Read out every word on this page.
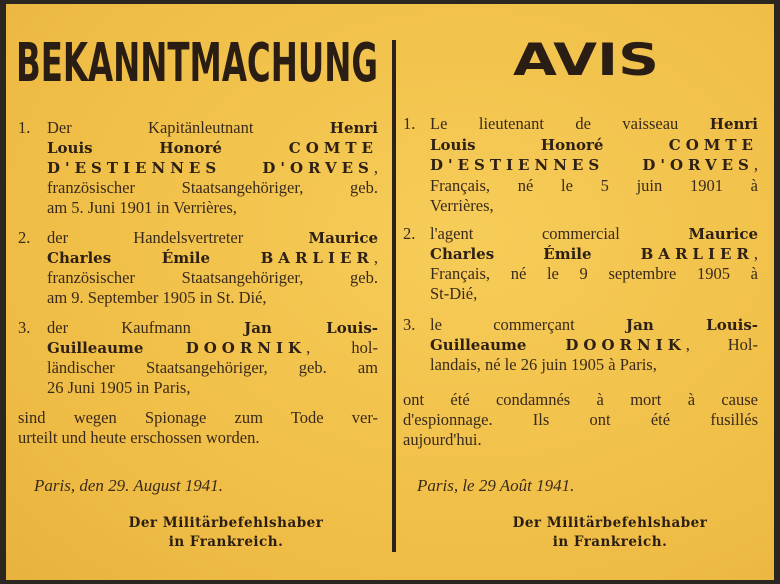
BEKANNTMACHUNG	AVIS
Paris, den 29. August 1941.	Paris, le 29 Août 1941.
Der Militärbefehlshaber
in Frankreich.
Der Militärbefehlshaber
in Frankreich.
1. Der Kapitänleutnant Henri
Louis Honoré COMTE
D'ESTIENNES D'ORVES,
französischer Staatsangehöriger, geb.
am 5. Juni 1901 in Verrières,
2. der Handelsvertreter Maurice
Charles Émile BARLIER,
französischer Staatsangehöriger, geb.
am 9. September 1905 in St. Dié,
3. der Kaufmann Jan Louis-
Guilleaume DOORNIK, hol-
ländischer Staatsangehöriger, geb. am
26 Juni 1905 in Paris,
sind wegen Spionage zum Tode ver-
urteilt und heute erschossen worden.
1. Le lieutenant de vaisseau Henri
Louis Honoré COMTE
D'ESTIENNES D'ORVES,
Français, né le 5 juin 1901 à
Verrières,
2. l'agent commercial Maurice
Charles Émile BARLIER,
Français, né le 9 septembre 1905 à
St-Dié,
3. le commerçant Jan Louis-
Guilleaume DOORNIK, Hol-
landais, né le 26 juin 1905 à Paris,
ont été condamnés à mort à cause
d'espionnage. Ils ont été fusillés
aujourd'hui.
